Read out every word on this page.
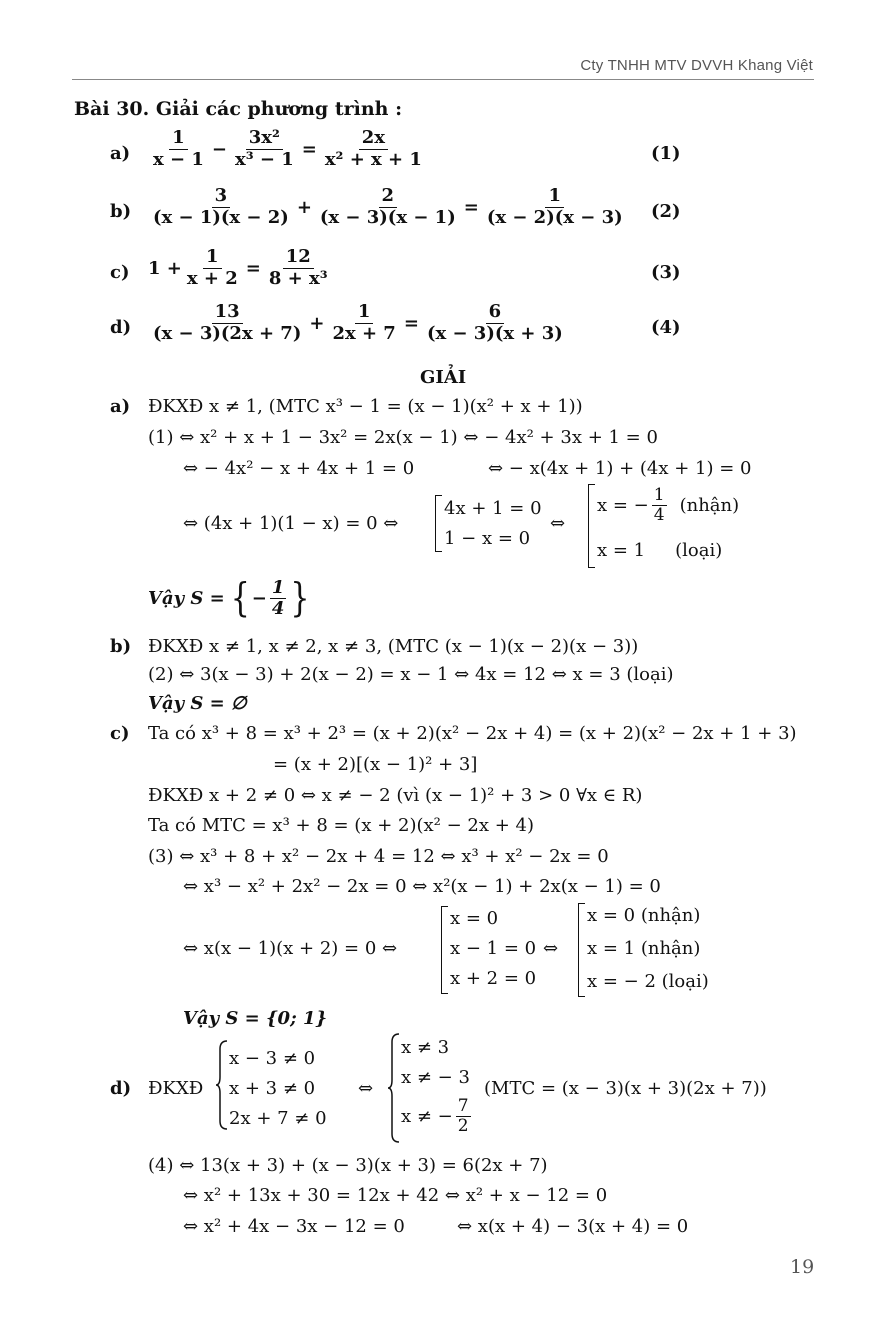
Cty TNHH MTV DVVH Khang Việt
Bài 30. Giải các phương trình :
$a) \frac{1}{x - 1} - \frac{\text{3x²}}{\text{x³ − 1}} = \frac{2x}{\text{x² + x + 1}}$	(1)
$b) \frac{3}{(x - 1)(x - 2)} + \frac{2}{(x - 3)(x - 1)} = \frac{1}{(x - 2)(x - 3)} (2)$
c) $1 + \frac{1}{x + 2} = \frac{12}{\text{8 + x³}}$	(3)
$d) \frac{13}{(x - 3)(2x + 7)} + \frac{1}{2x + 7} = \frac{6}{(x - 3)(x + 3)}$	(4)
GIẢI
a) ĐKXĐ x ≠ 1, (MTC x³ − 1 = (x − 1)(x² + x + 1))
(1) ⇔ x² + x + 1 − 3x² = 2x(x − 1) ⇔ − 4x² + 3x + 1 = 0
⇔ − 4x² − x + 4x + 1 = 0	⇔ − x(4x + 1) + (4x + 1) = 0
⇔ (4x + 1)(1 − x) = 0 ⇔
4x + 1 = 0
1 − x = 0
⇔
x = − $\frac{1}{4}$ (nhận)
x = 1 (loại)
Vậy S = { − $\frac{1}{4}$ }
b) ĐKXĐ x ≠ 1, x ≠ 2, x ≠ 3, (MTC (x − 1)(x − 2)(x − 3))
(2) ⇔ 3(x − 3) + 2(x − 2) = x − 1 ⇔ 4x = 12 ⇔ x = 3 (loại)
Vậy S = ∅
c) Ta có x³ + 8 = x³ + 2³ = (x + 2)(x² − 2x + 4) = (x + 2)(x² − 2x + 1 + 3)
= (x + 2)[(x − 1)² + 3]
ĐKXĐ x + 2 ≠ 0 ⇔ x ≠ − 2 (vì (x − 1)² + 3 > 0 ∀x ∈ R)
Ta có MTC = x³ + 8 = (x + 2)(x² − 2x + 4)
(3) ⇔ x³ + 8 + x² − 2x + 4 = 12 ⇔ x³ + x² − 2x = 0
⇔ x³ − x² + 2x² − 2x = 0 ⇔ x²(x − 1) + 2x(x − 1) = 0
⇔ x(x − 1)(x + 2) = 0 ⇔
x = 0
x − 1 = 0
x + 2 = 0
⇔
x = 0 (nhận)
x = 1 (nhận)
x = − 2 (loại)
Vậy S = {0; 1}
d) ĐKXĐ
x − 3 ≠ 0
x + 3 ≠ 0
2x + 7 ≠ 0
⇔
x ≠ 3
x ≠ − 3
x ≠ − $\frac{7}{2}$
(MTC = (x − 3)(x + 3)(2x + 7))
(4) ⇔ 13(x + 3) + (x − 3)(x + 3) = 6(2x + 7)
⇔ x² + 13x + 30 = 12x + 42 ⇔ x² + x − 12 = 0
⇔ x² + 4x − 3x − 12 = 0	⇔ x(x + 4) − 3(x + 4) = 0
19
